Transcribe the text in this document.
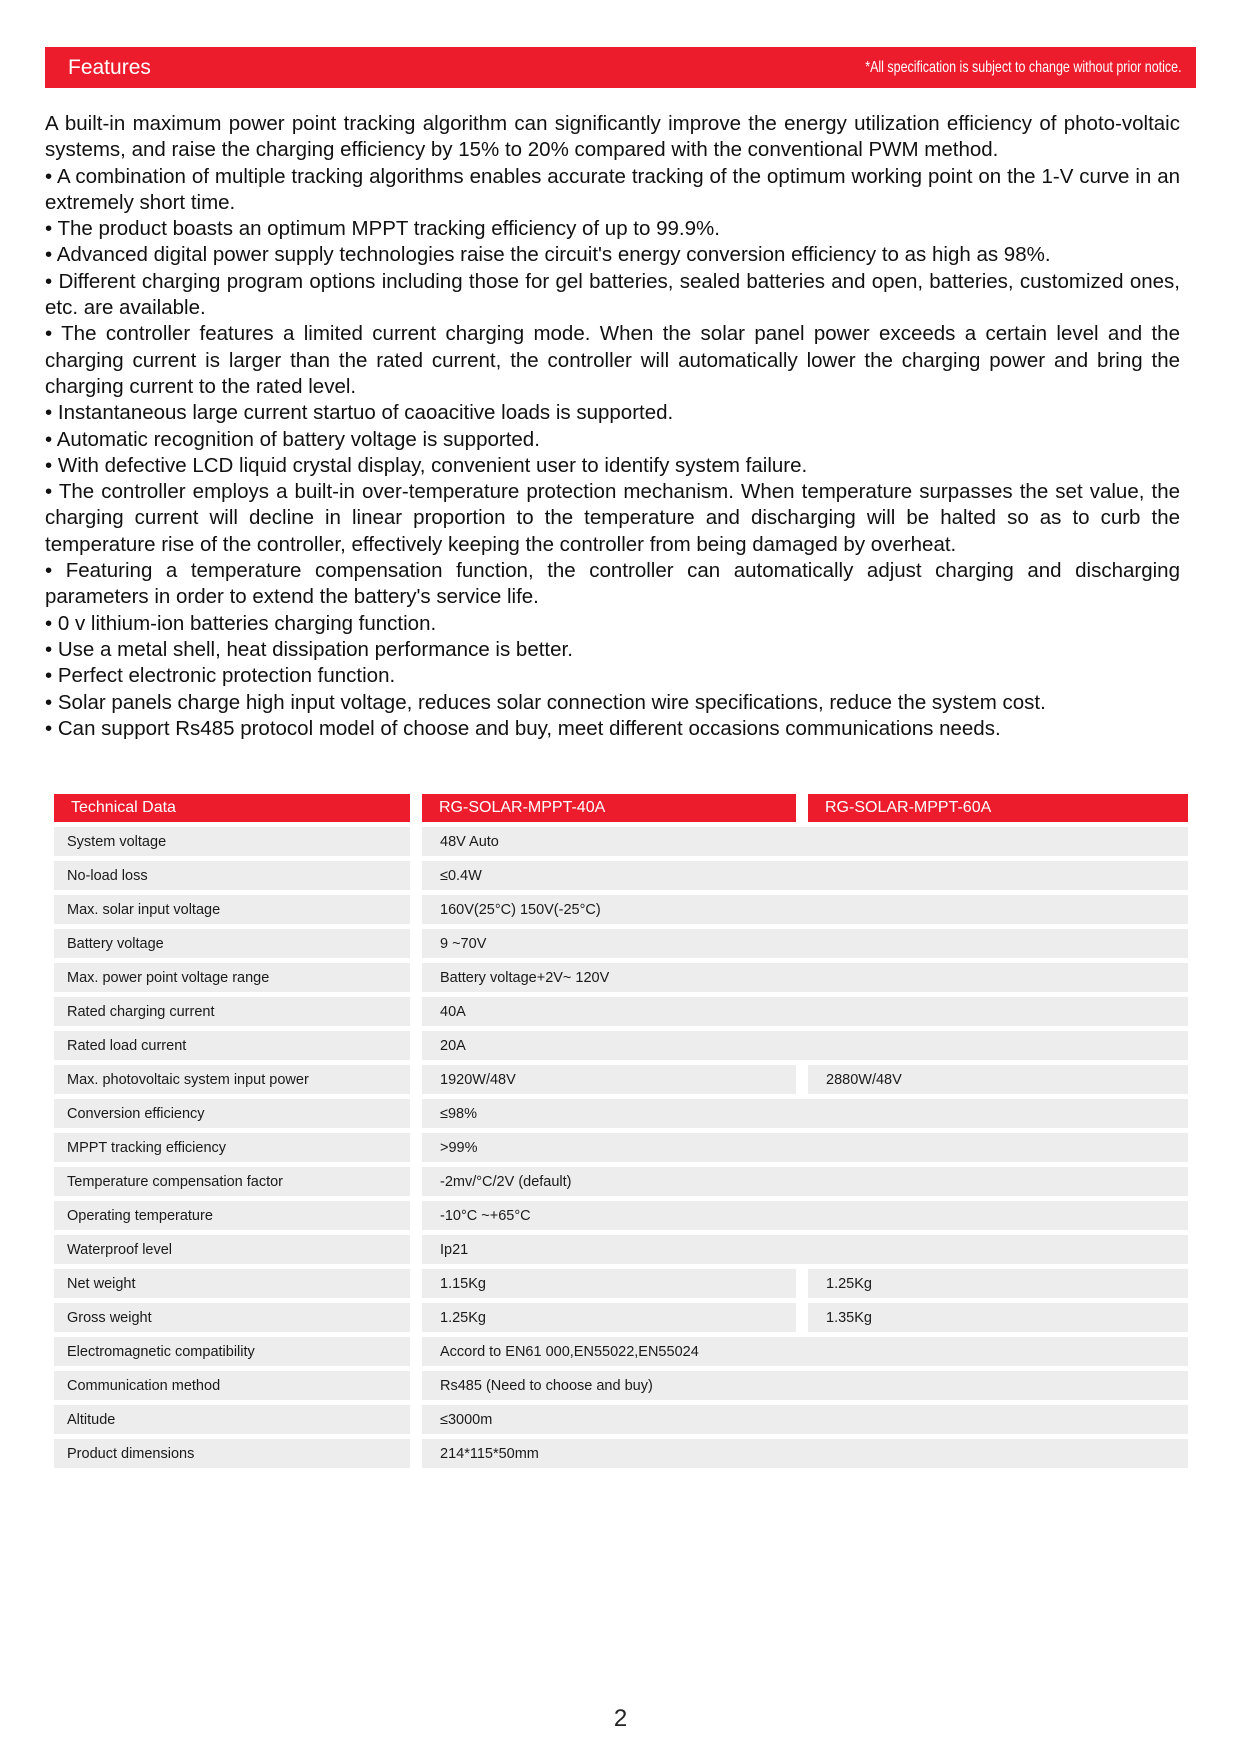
Features	*All specification is subject to change without prior notice.

A built-in maximum power point tracking algorithm can significantly improve the energy utilization efficiency of photo-voltaic systems, and raise the charging efficiency by 15% to 20% compared with the conventional PWM method.

• A combination of multiple tracking algorithms enables accurate tracking of the optimum working point on the 1-V curve in an extremely short time.

• The product boasts an optimum MPPT tracking efficiency of up to 99.9%.

• Advanced digital power supply technologies raise the circuit's energy conversion efficiency to as high as 98%.

• Different charging program options including those for gel batteries, sealed batteries and open, batteries, customized ones, etc. are available.

• The controller features a limited current charging mode. When the solar panel power exceeds a certain level and the charging current is larger than the rated current, the controller will automatically lower the charging power and bring the charging current to the rated level.

• Instantaneous large current startuo of caoacitive loads is supported.

• Automatic recognition of battery voltage is supported.

• With defective LCD liquid crystal display, convenient user to identify system failure.

• The controller employs a built-in over-temperature protection mechanism. When temperature surpasses the set value, the charging current will decline in linear proportion to the temperature and discharging will be halted so as to curb the temperature rise of the controller, effectively keeping the controller from being damaged by overheat.

• Featuring a temperature compensation function, the controller can automatically adjust charging and discharging parameters in order to extend the battery's service life.

• 0 v lithium-ion batteries charging function.

• Use a metal shell, heat dissipation performance is better.

• Perfect electronic protection function.

• Solar panels charge high input voltage, reduces solar connection wire specifications, reduce the system cost.

• Can support Rs485 protocol model of choose and buy, meet different occasions communications needs.

Technical Data	RG-SOLAR-MPPT-40A	RG-SOLAR-MPPT-60A
System voltage	48V Auto
No-load loss	≤0.4W
Max. solar input voltage	160V(25°C) 150V(-25°C)
Battery voltage	9 ~70V
Max. power point voltage range	Battery voltage+2V~ 120V
Rated charging current	40A
Rated load current	20A
Max. photovoltaic system input power	1920W/48V	2880W/48V
Conversion efficiency	≤98%
MPPT tracking efficiency	>99%
Temperature compensation factor	-2mv/°C/2V (default)
Operating temperature	-10°C ~+65°C
Waterproof level	Ip21
Net weight	1.15Kg	1.25Kg
Gross weight	1.25Kg	1.35Kg
Electromagnetic compatibility	Accord to EN61 000,EN55022,EN55024
Communication method	Rs485 (Need to choose and buy)
Altitude	≤3000m
Product dimensions	214*115*50mm
2
